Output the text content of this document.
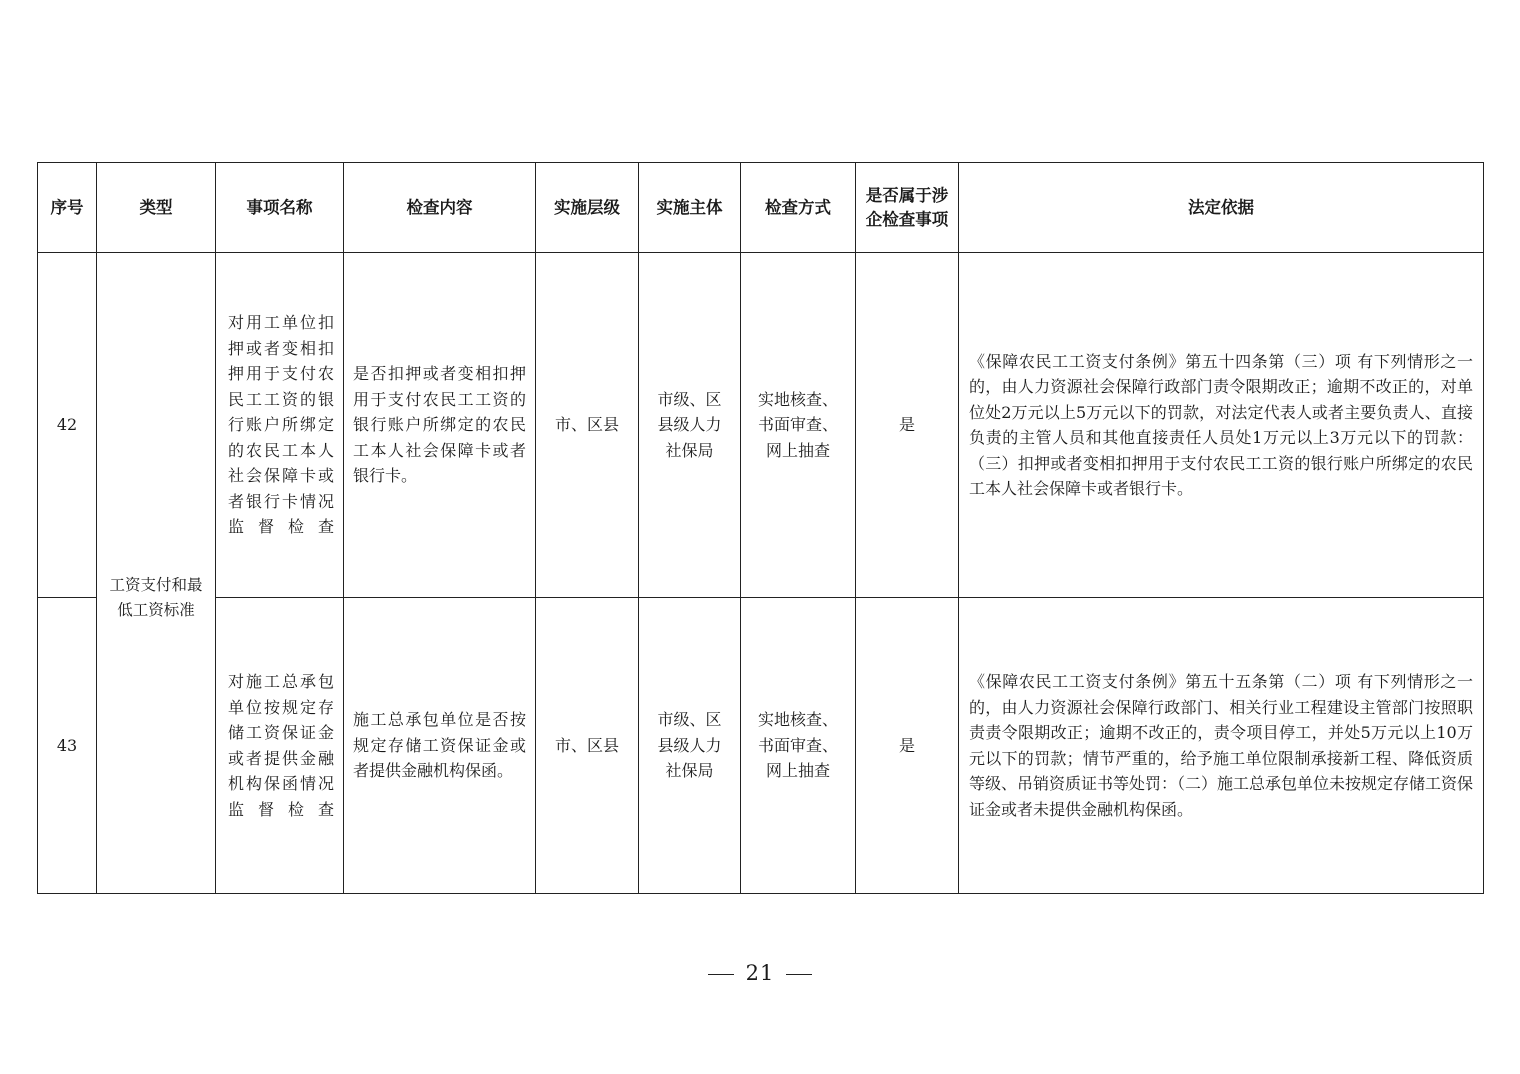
序号	类型	事项名称	检查内容	实施层级	实施主体	检查方式	是否属于涉企检查事项	法定依据
42	工资支付和最低工资标准	对用工单位扣押或者变相扣押用于支付农民工工资的银行账户所绑定的农民工本人社会保障卡或者银行卡情况监督检查	是否扣押或者变相扣押用于支付农民工工资的银行账户所绑定的农民工本人社会保障卡或者银行卡。	市、区县	市级、区县级人力社保局	实地核查、书面审查、网上抽查	是	《保障农民工工资支付条例》第五十四条第（三）项 有下列情形之一的，由人力资源社会保障行政部门责令限期改正；逾期不改正的，对单位处2万元以上5万元以下的罚款，对法定代表人或者主要负责人、直接负责的主管人员和其他直接责任人员处1万元以上3万元以下的罚款：（三）扣押或者变相扣押用于支付农民工工资的银行账户所绑定的农民工本人社会保障卡或者银行卡。

43		对施工总承包单位按规定存储工资保证金或者提供金融机构保函情况监督检查	施工总承包单位是否按规定存储工资保证金或者提供金融机构保函。	市、区县	市级、区县级人力社保局	实地核查、书面审查、网上抽查	是	《保障农民工工资支付条例》第五十五条第（二）项 有下列情形之一的，由人力资源社会保障行政部门、相关行业工程建设主管部门按照职责责令限期改正；逾期不改正的，责令项目停工，并处5万元以上10万元以下的罚款；情节严重的，给予施工单位限制承接新工程、降低资质等级、吊销资质证书等处罚：（二）施工总承包单位未按规定存储工资保证金或者未提供金融机构保函。
21
